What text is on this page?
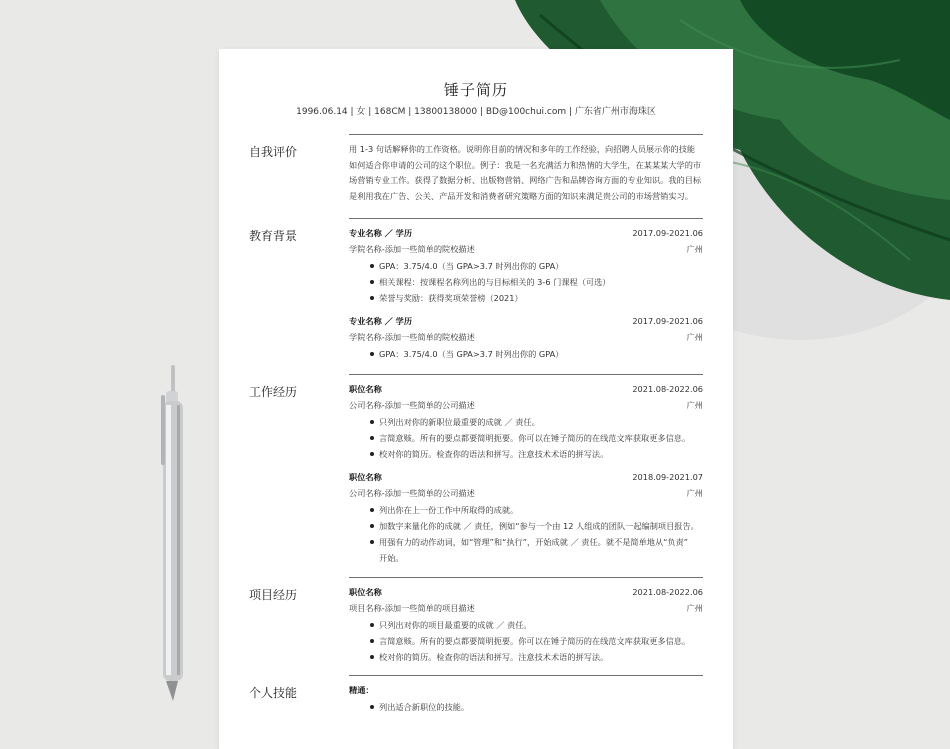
锤子简历
1996.06.14 | 女 | 168CM | 13800138000 | BD@100chui.com | 广东省广州市海珠区
自我评价	用 1-3 句话解释你的工作资格。说明你目前的情况和多年的工作经验，向招聘人员展示你的技能
如何适合你申请的公司的这个职位。例子：我是一名充满活力和热情的大学生，在某某某大学的市
场营销专业工作。获得了数据分析、出版物营销、网络广告和品牌咨询方面的专业知识。我的目标
是利用我在广告、公关、产品开发和消费者研究策略方面的知识来满足贵公司的市场营销实习。
教育背景	专业名称 ／ 学历	2017.09-2021.06
学院名称-添加一些简单的院校描述	广州
GPA：3.75/4.0（当 GPA>3.7 时列出你的 GPA）
相关课程：按课程名称列出的与目标相关的 3-6 门课程（可选）
荣誉与奖励：获得奖项荣誉榜（2021）
专业名称 ／ 学历	2017.09-2021.06
学院名称-添加一些简单的院校描述	广州
GPA：3.75/4.0（当 GPA>3.7 时列出你的 GPA）
工作经历	职位名称	2021.08-2022.06
公司名称-添加一些简单的公司描述	广州
只列出对你的新职位最重要的成就 ／ 责任。
言简意赅。所有的要点都要简明扼要。你可以在锤子简历的在线范文库获取更多信息。
校对你的简历。检查你的语法和拼写。注意技术术语的拼写法。
职位名称	2018.09-2021.07
公司名称-添加一些简单的公司描述	广州
列出你在上一份工作中所取得的成就。
加数字来量化你的成就 ／ 责任，例如“参与一个由 12 人组成的团队一起编制项目报告。
用强有力的动作动词，如“管理”和“执行”，开始成就 ／ 责任。就不是简单地从“负责”
开始。
项目经历	职位名称	2021.08-2022.06
项目名称-添加一些简单的项目描述	广州
只列出对你的项目最重要的成就 ／ 责任。
言简意赅。所有的要点都要简明扼要。你可以在锤子简历的在线范文库获取更多信息。
校对你的简历。检查你的语法和拼写。注意技术术语的拼写法。
个人技能	精通：
列出适合新职位的技能。
